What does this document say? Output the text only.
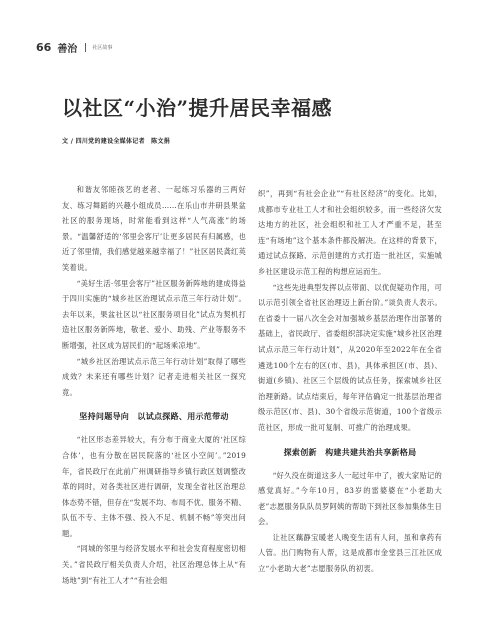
66 善治	社区故事
以社区“小治”提升居民幸福感
文 / 四川党的建设全媒体记者　陈文捐

和谐友邻睦孩艺的老者、一起练习乐器的三两好友、练习舞蹈的兴趣小组成员……在乐山市井研县果盆社区的服务现场，时常能看到这样“人气高涨”的场景。“温馨舒适的‘邻里会客厅’让更多居民有归属感，也近了邻里情，我们感觉越来越幸福了！”社区居民龚红英笑着说。

“美好生活·邻里会客厅”社区服务新阵地的建成得益于四川实施的“城乡社区治理试点示范三年行动计划”。去年以来，果盆社区以“社区服务项目化”试点为契机打造社区服务新阵地，敬老、爱小、助残、产业等服务不断增强，社区成为居民们的“起场乘凉地”。

“城乡社区治理试点示范三年行动计划”取得了哪些成效？未来还有哪些计划？记者走进相关社区一探究竟。

坚持问题导向　以试点探路、用示范带动

“社区形态差异较大，有分布于商业大厦的‘社区综合体’，也有分散在居民院落的‘社区小空间’。”2019年，省民政厅在此前广州调研指导乡镇行政区划调整改革的同时，对各类社区进行调研，发现全省社区治理总体态势不错，但存在“发展不均、布局不优、服务不精、队伍不专、主体不强、投入不足、机制不畅”等突出问题。

“同城的邻里与经济发展水平和社会发育程度密切相关。”省民政厅相关负责人介绍，社区治理总体上从“有场地”到“有社工人才”“有社会组

织”，再到“有社会企业”“有社区经济”的变化。比如，成都市专业社工人才和社会组织较多，而一些经济欠发达地方的社区，社会组织和社工人才严重不足，甚至连“有场地”这个基本条件都没解决。在这样的背景下，通过试点探路、示范创建的方式打造一批社区，实施城乡社区建设示范工程的构想应运而生。

“这些先进典型发挥以点带面、以优促疑功作用，可以示范引领全省社区治理迈上新台阶。”谈负责人表示。在省委十一届八次全会对加强城乡基层治理作出部署的基础上，省民政厅、省委组织部决定实施“城乡社区治理试点示范三年行动计划”，从2020年至2022年在全省遴选100个左右的区(市、县)，具体承担区(市、县)、街道(乡镇)、社区三个层级的试点任务，探索城乡社区治理新路。试点结束后，每年评估确定一批基层治理省级示范区(市、县)、30个省级示范街道，100个省级示范社区，形成一批可复制、可推广的治理成果。

探索创新　构建共建共治共享新格局

“好久没在街道这多人一起过年中了，被大家贴记的感觉真好。”今年10月，83岁的雷婆婆在“小老助大老”志愿服务队队员罗阿姨的帮助下到社区参加集体生日会。

让社区藕静宝暖老人晚变生活有人问，虽和拿药有人管。出门购物有人帮，这是成都市金堂县三江社区成立“小老助大老”志愿服务队的初衷。
